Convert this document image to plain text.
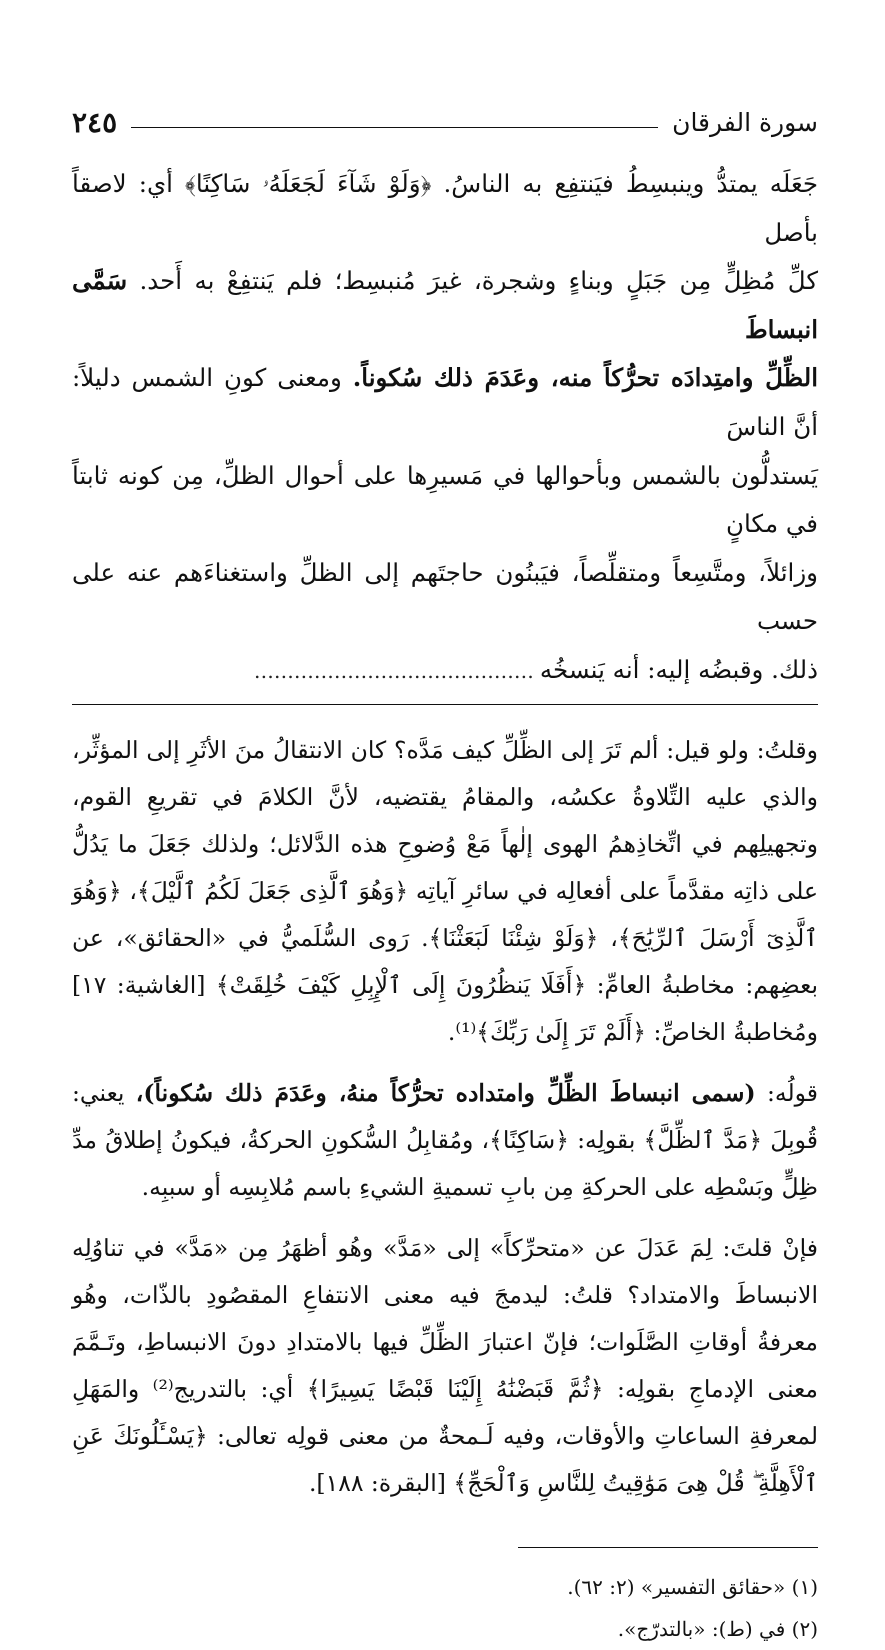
سورة الفرقان
٢٤٥

جَعَلَه يمتدُّ وينبسِطُ فيَنتفِع به الناسُ. ﴿وَلَوْ شَآءَ لَجَعَلَهُۥ سَاكِنًا﴾ أي: لاصقاً بأصل

كلِّ مُظِلٍّ مِن جَبَلٍ وبناءٍ وشجرة، غيرَ مُنبسِط؛ فلم يَنتفِعْ به أَحد. سَمَّى انبساطَ

الظِّلِّ وامتِدادَه تحرُّكاً منه، وعَدَمَ ذلك سُكوناً. ومعنى كونِ الشمس دليلاً: أنَّ الناسَ

يَستدلُّون بالشمس وبأحوالها في مَسيرِها على أحوال الظلِّ، مِن كونه ثابتاً في مكانٍ

وزائلاً، ومتَّسِعاً ومتقلِّصاً، فيَبنُون حاجتَهم إلى الظلِّ واستغناءَهم عنه على حسب

ذلك. وقبضُه إليه: أنه يَنسخُه……………………………………

وقلتُ: ولو قيل: ألم تَرَ إلى الظِّلِّ كيف مَدَّه؟ كان الانتقالُ منَ الأثَرِ إلى المؤثِّر، والذي عليه التِّلاوةُ عكسُه، والمقامُ يقتضيه، لأنَّ الكلامَ في تقريعِ القوم، وتجهيلِهم في اتِّخاذِهمُ الهوى إلٰهاً مَعْ وُضوحِ هذه الدَّلائل؛ ولذلك جَعَلَ ما يَدُلُّ على ذاتِه مقدَّماً على أفعالِه في سائرِ آياتِه ﴿وَهُوَ ٱلَّذِى جَعَلَ لَكُمُ ٱلَّيْلَ﴾، ﴿وَهُوَ ٱلَّذِىٓ أَرْسَلَ ٱلرِّيَٰحَ﴾، ﴿وَلَوْ شِئْنَا لَبَعَثْنَا﴾. رَوى السُّلَميُّ في «الحقائق»، عن بعضِهم: مخاطبةُ العامِّ: ﴿أَفَلَا يَنظُرُونَ إِلَى ٱلْإِبِلِ كَيْفَ خُلِقَتْ﴾ [الغاشية: ١٧] ومُخاطبةُ الخاصِّ: ﴿أَلَمْ تَرَ إِلَىٰ رَبِّكَ﴾⁽¹⁾.

قولُه: (سمى انبساطَ الظِّلِّ وامتداده تحرُّكاً منهُ، وعَدَمَ ذلك سُكوناً)، يعني: قُوبِلَ ﴿مَدَّ ٱلظِّلَّ﴾ بقولِه: ﴿سَاكِنًا﴾، ومُقابِلُ السُّكونِ الحركةُ، فيكونُ إطلاقُ مدِّ ظِلٍّ وبَسْطِه على الحركةِ مِن بابِ تسميةِ الشيءِ باسم مُلابِسِه أو سببِه.

فإنْ قلتَ: لِمَ عَدَلَ عن «متحرِّكاً» إلى «مَدَّ» وهُو أظهَرُ مِن «مَدَّ» في تناوُلِه الانبساطَ والامتداد؟ قلتُ: ليدمجَ فيه معنى الانتفاعِ المقصُودِ بالذّات، وهُو معرفةُ أوقاتِ الصَّلَوات؛ فإنّ اعتبارَ الظِّلِّ فيها بالامتدادِ دونَ الانبساطِ، وتَـمَّمَ معنى الإدماجِ بقولِه: ﴿ثُمَّ قَبَضْنَٰهُ إِلَيْنَا قَبْضًا يَسِيرًا﴾ أي: بالتدريج⁽²⁾ والمَهَلِ لمعرفةِ الساعاتِ والأوقات، وفيه لَـمحةٌ من معنى قولِه تعالى: ﴿يَسْـَٔلُونَكَ عَنِ ٱلْأَهِلَّةِ ۖ قُلْ هِىَ مَوَٰقِيتُ لِلنَّاسِ وَٱلْحَجِّ﴾ [البقرة: ١٨٨].

(١) «حقائق التفسير» (٢: ٦٢).

(٢) في (ط): «بالتدرّج».
